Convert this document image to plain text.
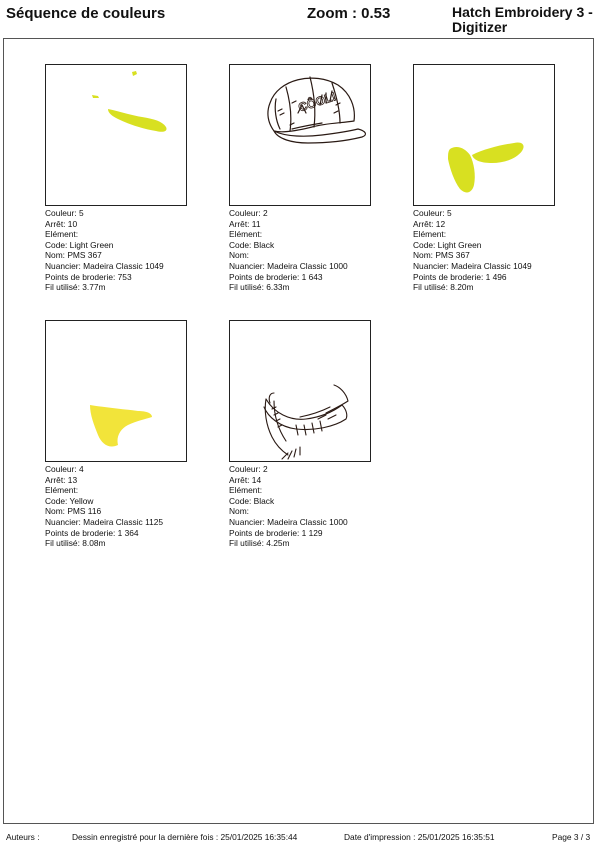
Séquence de couleurs	Zoom : 0.53	Hatch Embroidery 3 -
Digitizer
Couleur: 5
Arrêt: 10
Elément:
Code: Light Green
Nom: PMS 367
Nuancier: Madeira Classic 1049
Points de broderie: 753
Fil utilisé: 3.77m
CÔOL!
Couleur: 2
Arrêt: 11
Elément:
Code: Black
Nom:
Nuancier: Madeira Classic 1000
Points de broderie: 1 643
Fil utilisé: 6.33m
Couleur: 5
Arrêt: 12
Elément:
Code: Light Green
Nom: PMS 367
Nuancier: Madeira Classic 1049
Points de broderie: 1 496
Fil utilisé: 8.20m
Couleur: 4
Arrêt: 13
Elément:
Code: Yellow
Nom: PMS 116
Nuancier: Madeira Classic 1125
Points de broderie: 1 364
Fil utilisé: 8.08m
Couleur: 2
Arrêt: 14
Elément:
Code: Black
Nom:
Nuancier: Madeira Classic 1000
Points de broderie: 1 129
Fil utilisé: 4.25m
Auteurs :	Dessin enregistré pour la dernière fois : 25/01/2025 16:35:44	Date d'impression : 25/01/2025 16:35:51	Page 3 / 3
